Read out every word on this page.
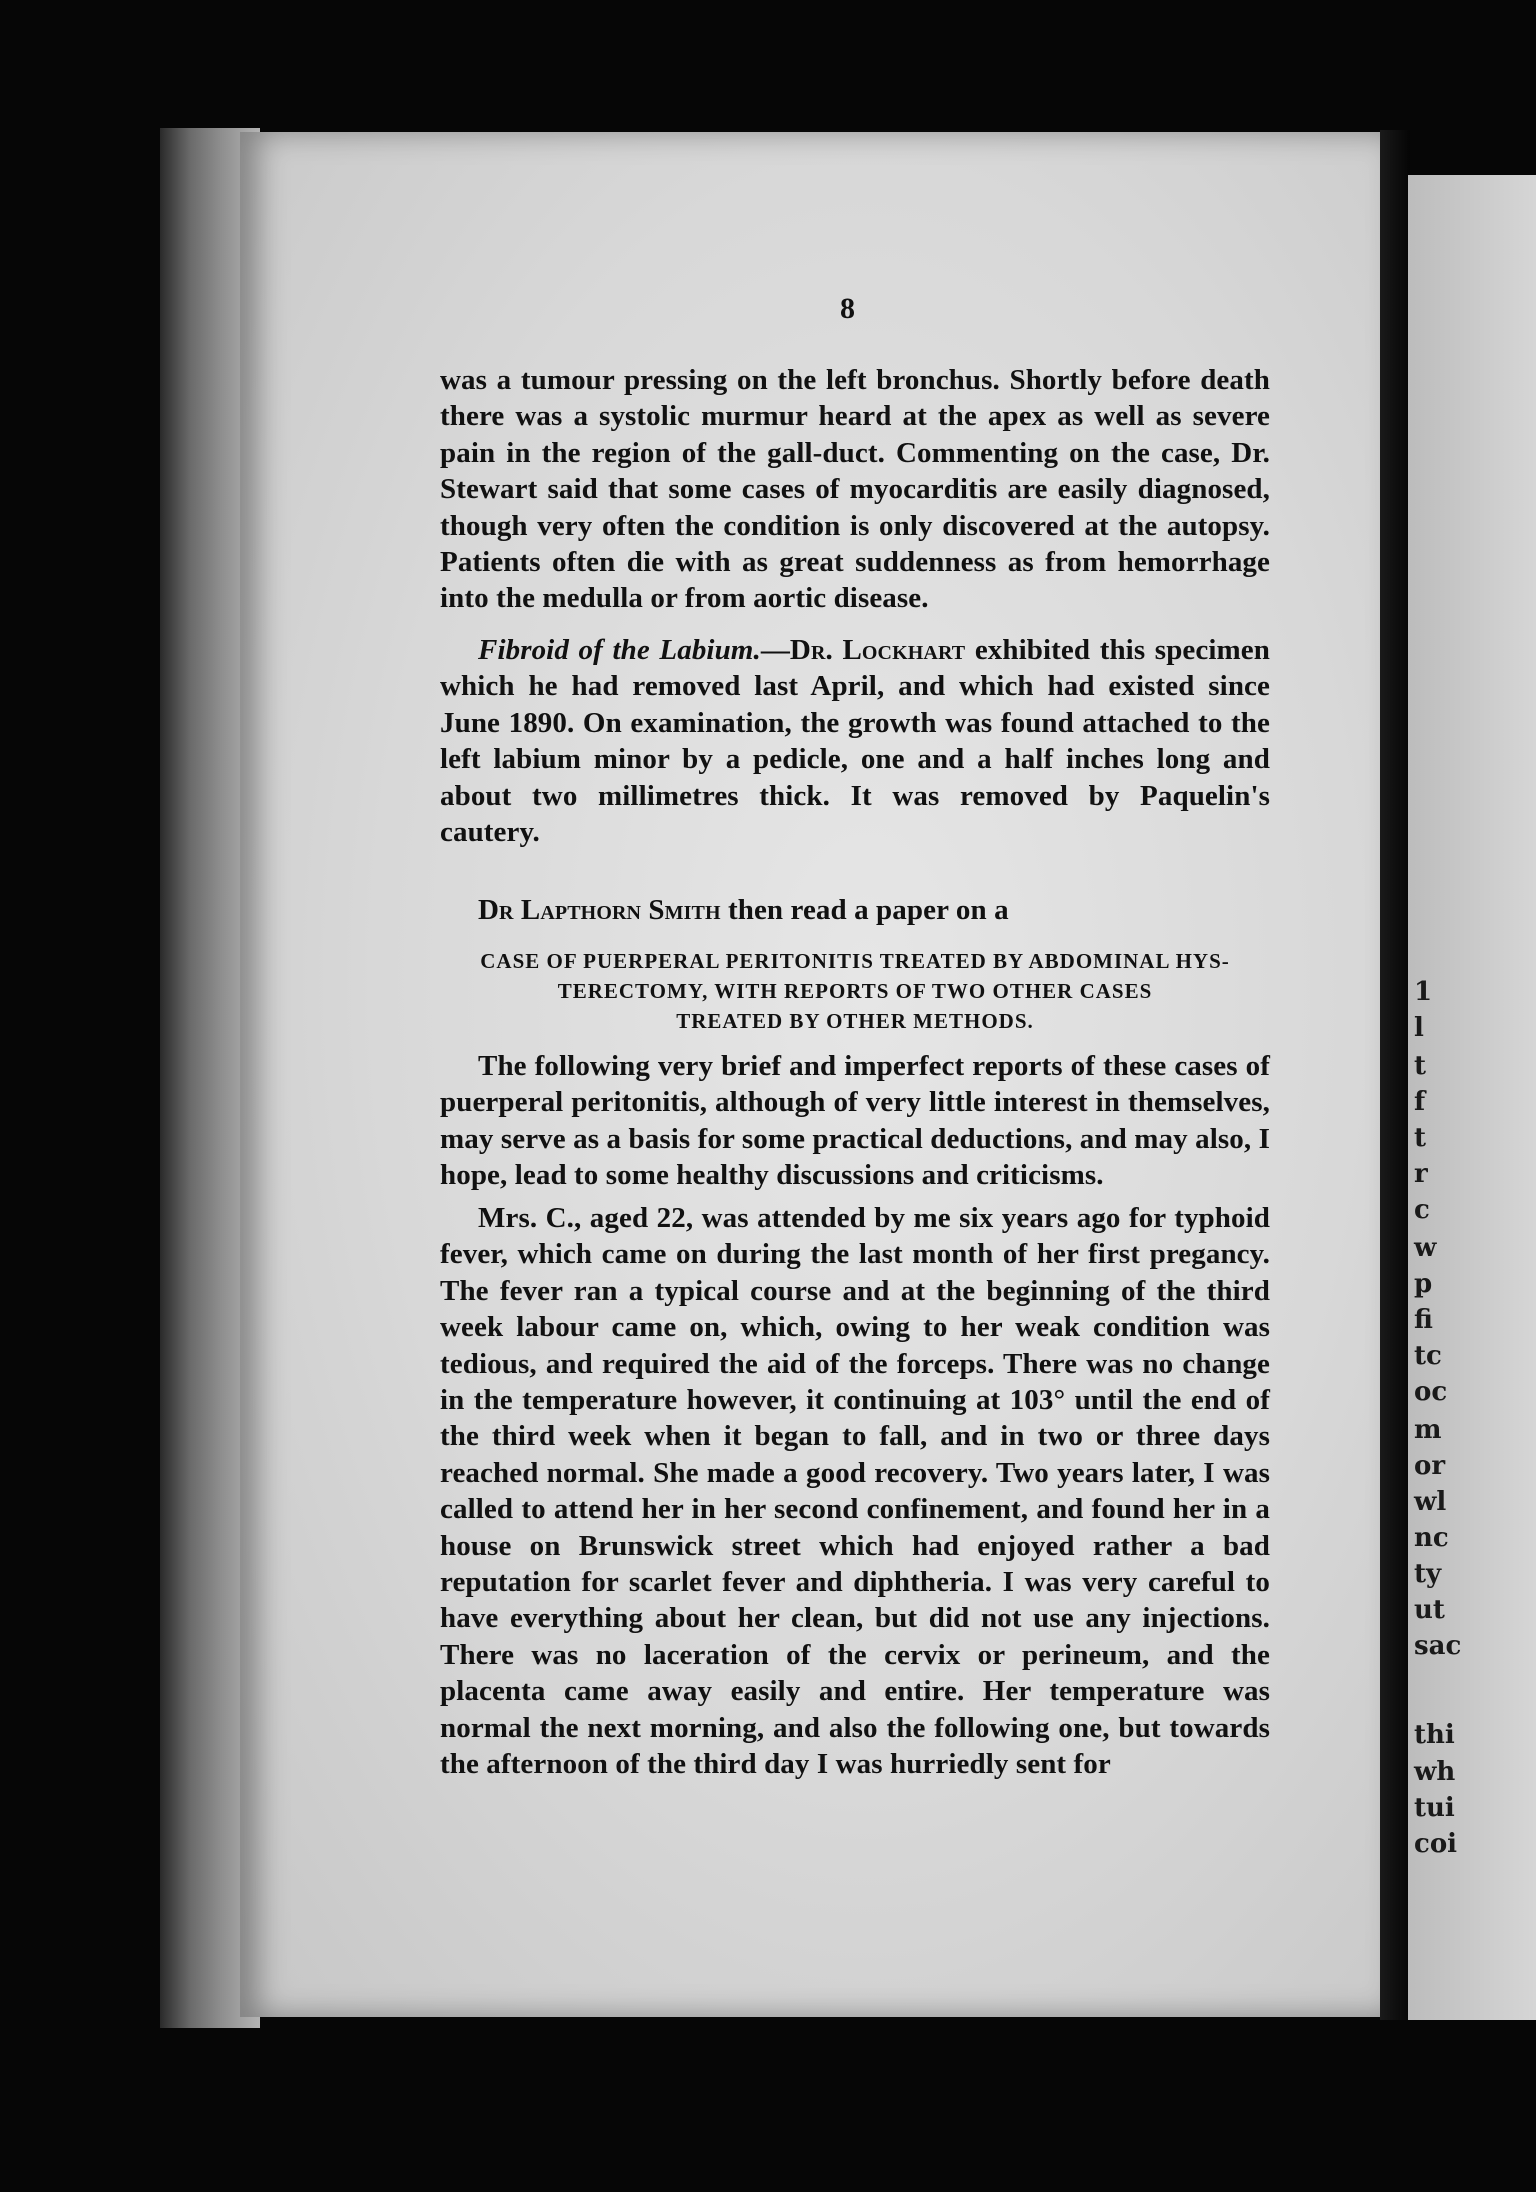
1
l
t
f
t
r
c
w
p
fi
tc
oc
m
or
wl
nc
ty
ut
sac
thi
wh
tui
coi
8

was a tumour pressing on the left bronchus. Shortly before death there was a systolic murmur heard at the apex as well as severe pain in the region of the gall-duct. Commenting on the case, Dr. Stewart said that some cases of myocarditis are easily diagnosed, though very often the condition is only discovered at the autopsy. Patients often die with as great suddenness as from hemorrhage into the medulla or from aortic disease.

Fibroid of the Labium.—Dr. Lockhart exhibited this specimen which he had removed last April, and which had existed since June 1890. On examination, the growth was found attached to the left labium minor by a pedicle, one and a half inches long and about two millimetres thick. It was removed by Paquelin's cautery.

Dr Lapthorn Smith then read a paper on a

CASE OF PUERPERAL PERITONITIS TREATED BY ABDOMINAL HYS-
TERECTOMY, WITH REPORTS OF TWO OTHER CASES
TREATED BY OTHER METHODS.

The following very brief and imperfect reports of these cases of puerperal peritonitis, although of very little interest in themselves, may serve as a basis for some practical deductions, and may also, I hope, lead to some healthy discussions and criticisms.

Mrs. C., aged 22, was attended by me six years ago for typhoid fever, which came on during the last month of her first pregancy. The fever ran a typical course and at the beginning of the third week labour came on, which, owing to her weak condition was tedious, and required the aid of the forceps. There was no change in the temperature however, it continuing at 103° until the end of the third week when it began to fall, and in two or three days reached normal. She made a good recovery. Two years later, I was called to attend her in her second confinement, and found her in a house on Brunswick street which had enjoyed rather a bad reputation for scarlet fever and diphtheria. I was very careful to have everything about her clean, but did not use any injections. There was no laceration of the cervix or perineum, and the placenta came away easily and entire. Her temperature was normal the next morning, and also the following one, but towards the afternoon of the third day I was hurriedly sent for
